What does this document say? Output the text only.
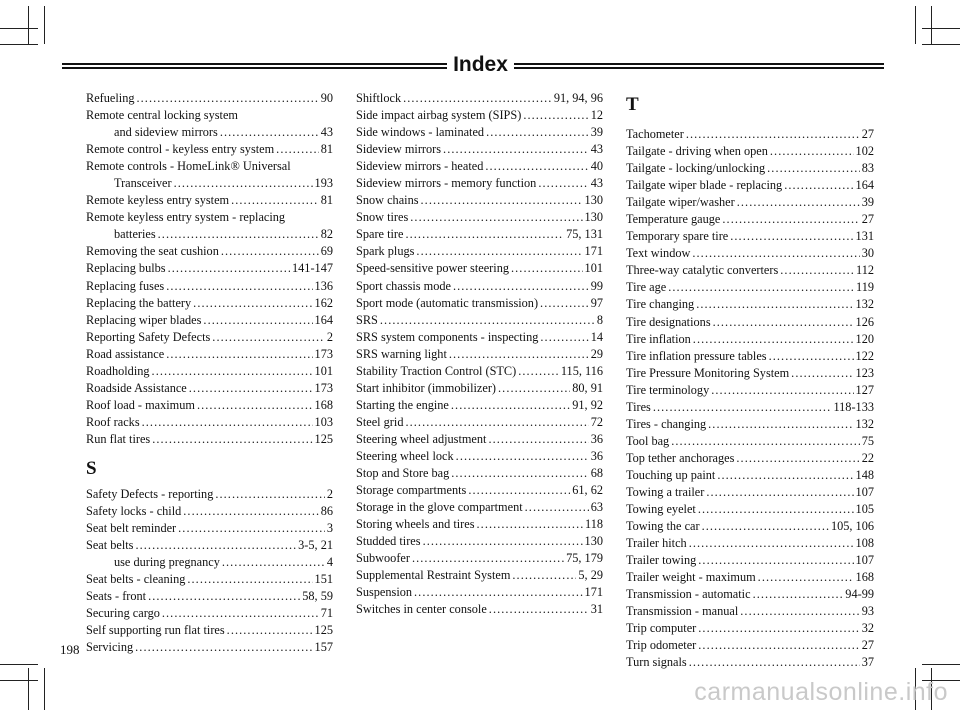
Index
Refueling . . .	90
Remote central locking system
and sideview mirrors . . .	43
Remote control - keyless entry system . . .	81
Remote controls - HomeLink® Universal
Transceiver . . .	193
Remote keyless entry system . . .	81
Remote keyless entry system - replacing
batteries . . .	82
Removing the seat cushion . . .	69
Replacing bulbs . . .	141-147
Replacing fuses . . .	136
Replacing the battery . . .	162
Replacing wiper blades . . .	164
Reporting Safety Defects . . .	2
Road assistance . . .	173
Roadholding . . .	101
Roadside Assistance . . .	173
Roof load - maximum . . .	168
Roof racks . . .	103
Run flat tires . . .	125
S
Safety Defects - reporting . . .	2
Safety locks - child . . .	86
Seat belt reminder . . .	3
Seat belts . . .	3-5, 21
use during pregnancy . . .	4
Seat belts - cleaning . . .	151
Seats - front . . .	58, 59
Securing cargo . . .	71
Self supporting run flat tires . . .	125
Servicing . . .	157
Shiftlock . . .	91, 94, 96
Side impact airbag system (SIPS) . . .	12
Side windows - laminated . . .	39
Sideview mirrors . . .	43
Sideview mirrors - heated . . .	40
Sideview mirrors - memory function . . .	43
Snow chains . . .	130
Snow tires . . .	130
Spare tire . . .	75, 131
Spark plugs . . .	171
Speed-sensitive power steering . . .	101
Sport chassis mode . . .	99
Sport mode (automatic transmission) . . .	97
SRS . . .	8
SRS system components - inspecting . . .	14
SRS warning light . . .	29
Stability Traction Control (STC) . . .	115, 116
Start inhibitor (immobilizer) . . .	80, 91
Starting the engine . . .	91, 92
Steel grid . . .	72
Steering wheel adjustment . . .	36
Steering wheel lock . . .	36
Stop and Store bag . . .	68
Storage compartments . . .	61, 62
Storage in the glove compartment . . .	63
Storing wheels and tires . . .	118
Studded tires . . .	130
Subwoofer . . .	75, 179
Supplemental Restraint System . . .	5, 29
Suspension . . .	171
Switches in center console . . .	31
T
Tachometer . . .	27
Tailgate - driving when open . . .	102
Tailgate - locking/unlocking . . .	83
Tailgate wiper blade - replacing . . .	164
Tailgate wiper/washer . . .	39
Temperature gauge . . .	27
Temporary spare tire . . .	131
Text window . . .	30
Three-way catalytic converters . . .	112
Tire age . . .	119
Tire changing . . .	132
Tire designations . . .	126
Tire inflation . . .	120
Tire inflation pressure tables . . .	122
Tire Pressure Monitoring System . . .	123
Tire terminology . . .	127
Tires . . .	118-133
Tires - changing . . .	132
Tool bag . . .	75
Top tether anchorages . . .	22
Touching up paint . . .	148
Towing a trailer . . .	107
Towing eyelet . . .	105
Towing the car . . .	105, 106
Trailer hitch . . .	108
Trailer towing . . .	107
Trailer weight - maximum . . .	168
Transmission - automatic . . .	94-99
Transmission - manual . . .	93
Trip computer . . .	32
Trip odometer . . .	27
Turn signals . . .	37
198
carmanualsonline.info
